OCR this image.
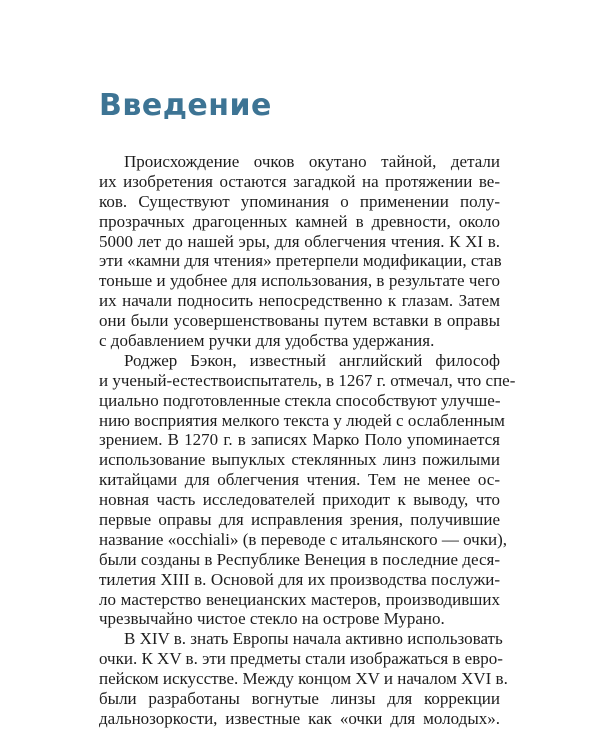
Введение

Происхождение очков окутано тайной, детали
их изобретения остаются загадкой на протяжении ве-
ков. Существуют упоминания о применении полу-
прозрачных драгоценных камней в древности, около
5000 лет до нашей эры, для облегчения чтения. К XI в.
эти «камни для чтения» претерпели модификации, став
тоньше и удобнее для использования, в результате чего
их начали подносить непосредственно к глазам. Затем
они были усовершенствованы путем вставки в оправы
с добавлением ручки для удобства удержания.

Роджер Бэкон, известный английский философ
и ученый-естествоиспытатель, в 1267 г. отмечал, что спе-
циально подготовленные стекла способствуют улучше-
нию восприятия мелкого текста у людей с ослабленным
зрением. В 1270 г. в записях Марко Поло упоминается
использование выпуклых стеклянных линз пожилыми
китайцами для облегчения чтения. Тем не менее ос-
новная часть исследователей приходит к выводу, что
первые оправы для исправления зрения, получившие
название «occhiali» (в переводе с итальянского — очки),
были созданы в Республике Венеция в последние деся-
тилетия XIII в. Основой для их производства послужи-
ло мастерство венецианских мастеров, производивших
чрезвычайно чистое стекло на острове Мурано.

В XIV в. знать Европы начала активно использовать
очки. К XV в. эти предметы стали изображаться в евро-
пейском искусстве. Между концом XV и началом XVI в.
были разработаны вогнутые линзы для коррекции
дальнозоркости, известные как «очки для молодых».
